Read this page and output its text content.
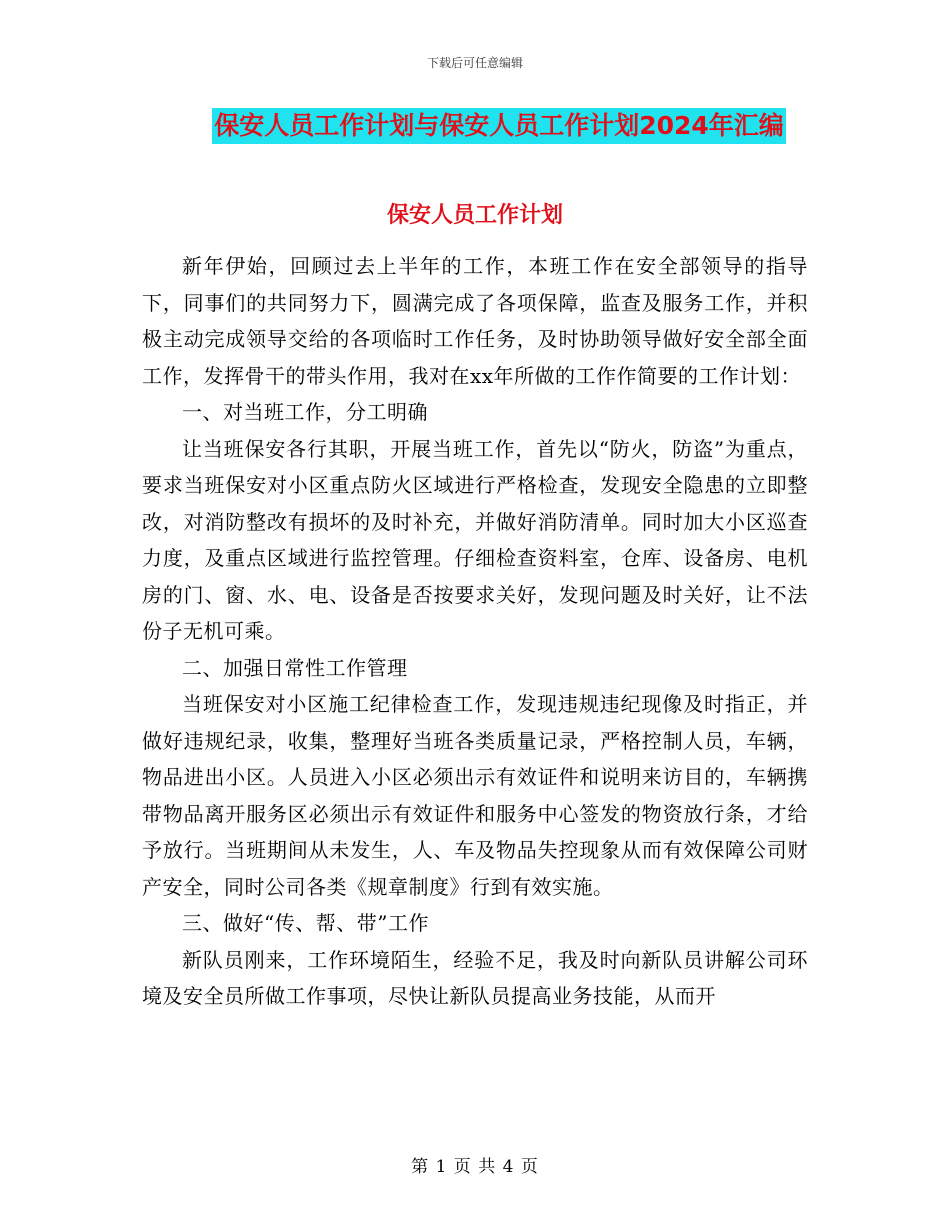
下载后可任意编辑
保安人员工作计划与保安人员工作计划2024年汇编
保安人员工作计划

新年伊始，回顾过去上半年的工作，本班工作在安全部领导的指导下，同事们的共同努力下，圆满完成了各项保障，监查及服务工作，并积极主动完成领导交给的各项临时工作任务，及时协助领导做好安全部全面工作，发挥骨干的带头作用，我对在xx年所做的工作作简要的工作计划：

一、对当班工作，分工明确

让当班保安各行其职，开展当班工作，首先以“防火，防盗”为重点，要求当班保安对小区重点防火区域进行严格检查，发现安全隐患的立即整改，对消防整改有损坏的及时补充，并做好消防清单。同时加大小区巡查力度，及重点区域进行监控管理。仔细检查资料室，仓库、设备房、电机房的门、窗、水、电、设备是否按要求关好，发现问题及时关好，让不法份子无机可乘。

二、加强日常性工作管理

当班保安对小区施工纪律检查工作，发现违规违纪现像及时指正，并做好违规纪录，收集，整理好当班各类质量记录，严格控制人员，车辆，物品进出小区。人员进入小区必须出示有效证件和说明来访目的，车辆携带物品离开服务区必须出示有效证件和服务中心签发的物资放行条，才给予放行。当班期间从未发生，人、车及物品失控现象从而有效保障公司财产安全，同时公司各类《规章制度》行到有效实施。

三、做好“传、帮、带”工作

新队员刚来，工作环境陌生，经验不足，我及时向新队员讲解公司环境及安全员所做工作事项，尽快让新队员提高业务技能，从而开

第 1 页 共 4 页
